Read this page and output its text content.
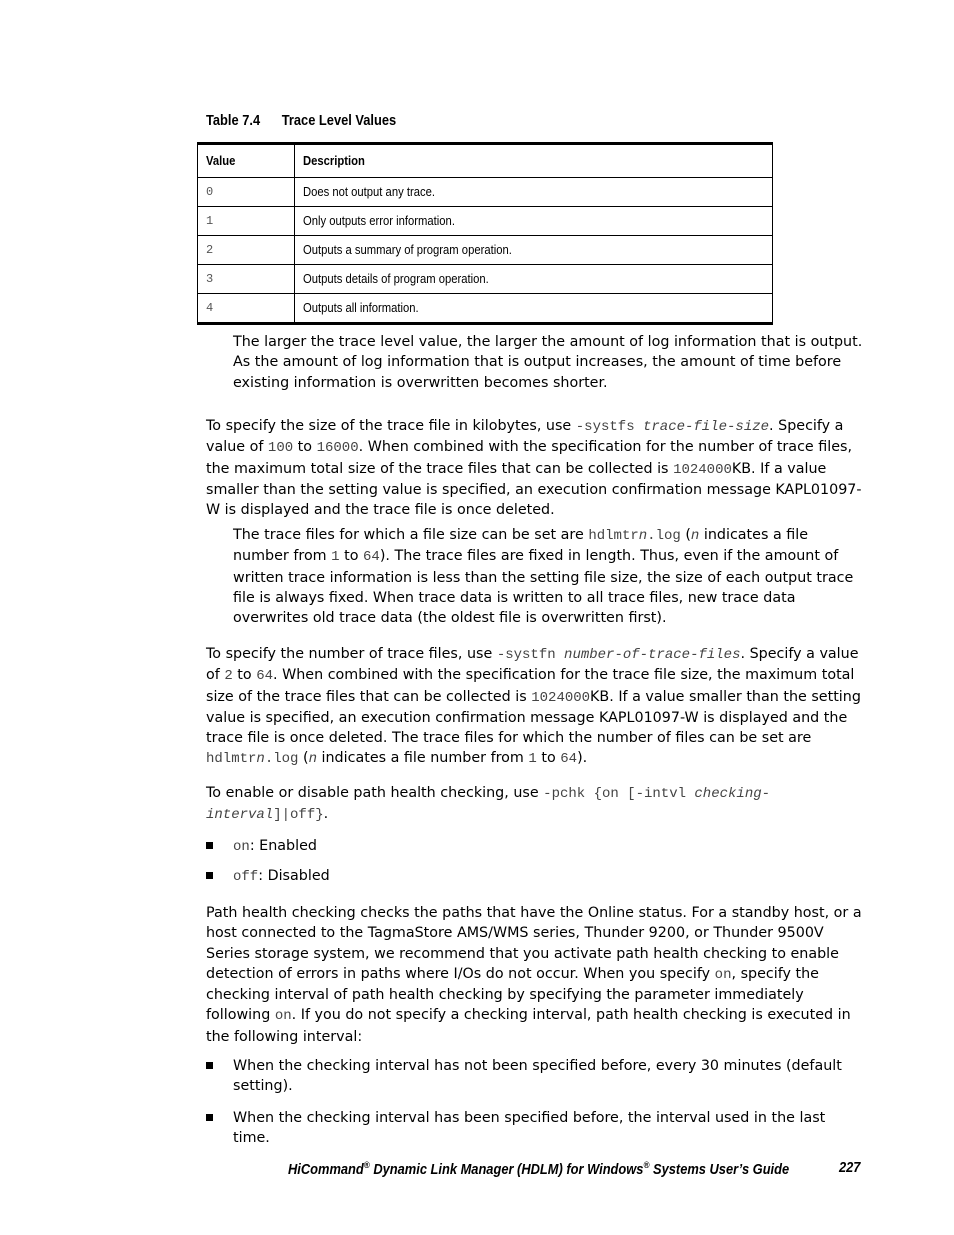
Table 7.4 Trace Level Values
Value	Description
0	Does not output any trace.
1	Only outputs error information.
2	Outputs a summary of program operation.
3	Outputs details of program operation.
4	Outputs all information.

The larger the trace level value, the larger the amount of log information that is output. As the amount of log information that is output increases, the amount of time before existing information is overwritten becomes shorter.

To specify the size of the trace file in kilobytes, use -systfs trace-file-size. Specify a value of 100 to 16000. When combined with the specification for the number of trace files, the maximum total size of the trace files that can be collected is 1024000KB. If a value smaller than the setting value is specified, an execution confirmation message KAPL01097-W is displayed and the trace file is once deleted.

The trace files for which a file size can be set are hdlmtrn.log (n indicates a file number from 1 to 64). The trace files are fixed in length. Thus, even if the amount of written trace information is less than the setting file size, the size of each output trace file is always fixed. When trace data is written to all trace files, new trace data overwrites old trace data (the oldest file is overwritten first).

To specify the number of trace files, use -systfn number-of-trace-files. Specify a value of 2 to 64. When combined with the specification for the trace file size, the maximum total size of the trace files that can be collected is 1024000KB. If a value smaller than the setting value is specified, an execution confirmation message KAPL01097-W is displayed and the trace file is once deleted. The trace files for which the number of files can be set are hdlmtrn.log (n indicates a file number from 1 to 64).

To enable or disable path health checking, use -pchk {on [-intvl checking-interval]|off}.

on: Enabled
off: Disabled

Path health checking checks the paths that have the Online status. For a standby host, or a host connected to the TagmaStore AMS/WMS series, Thunder 9200, or Thunder 9500V Series storage system, we recommend that you activate path health checking to enable detection of errors in paths where I/Os do not occur. When you specify on, specify the checking interval of path health checking by specifying the parameter immediately following on. If you do not specify a checking interval, path health checking is executed in the following interval:

When the checking interval has not been specified before, every 30 minutes (default setting).
When the checking interval has been specified before, the interval used in the last time.
HiCommand® Dynamic Link Manager (HDLM) for Windows® Systems User’s Guide	227
